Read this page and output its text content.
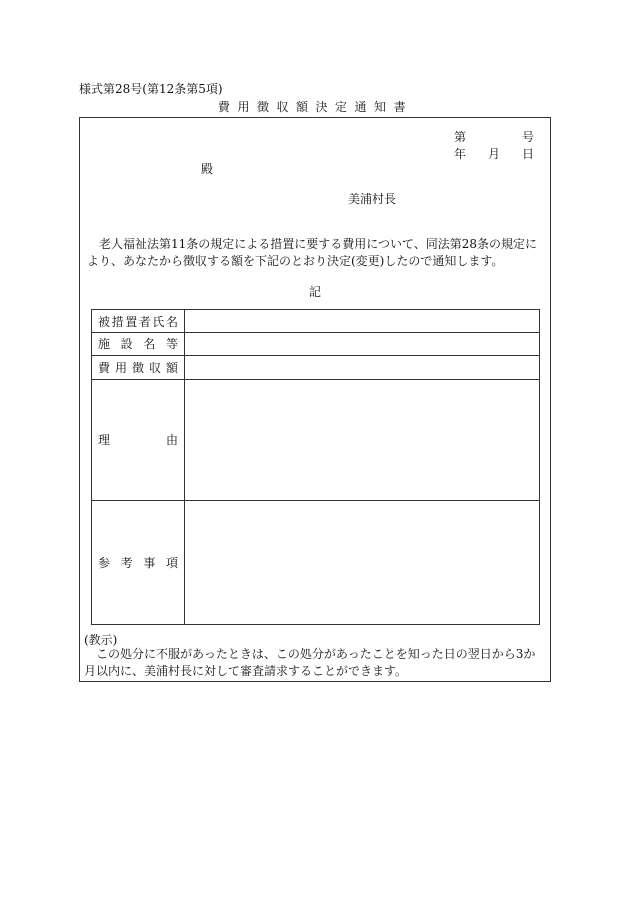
様式第28号(第12条第5項)
費用徴収額決定通知書
第	号
年 月 日
殿
美浦村長
老人福祉法第11条の規定による措置に要する費用について、同法第28条の規定により、あなたから徴収する額を下記のとおり決定(変更)したので通知します。
記
被 措 置 者 氏 名
施 設 名 等
費 用 徴 収 額
理	由
参 考 事 項
(教示)
この処分に不服があったときは、この処分があったことを知った日の翌日から3か月以内に、美浦村長に対して審査請求することができます。
